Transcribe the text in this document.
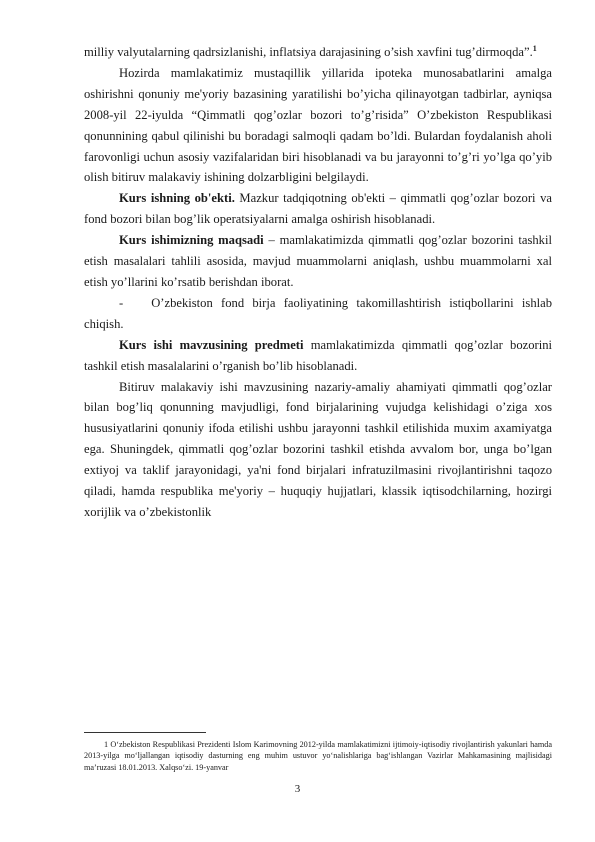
milliy valyutalarning qadrsizlanishi, inflatsiya darajasining o’sish xavfini tug’dirmoqda”.$^1$

Hozirda mamlakatimiz mustaqillik yillarida ipoteka munosabatlarini amalga oshirishni qonuniy me'yoriy bazasining yaratilishi bo’yicha qilinayotgan tadbirlar, ayniqsa 2008-yil 22-iyulda “Qimmatli qog’ozlar bozori to’g’risida” O’zbekiston Respublikasi qonunnining qabul qilinishi bu boradagi salmoqli qadam bo’ldi. Bulardan foydalanish aholi farovonligi uchun asosiy vazifalaridan biri hisoblanadi va bu jarayonni to’g’ri yo’lga qo’yib olish bitiruv malakaviy ishining dolzarbligini belgilaydi.

Kurs ishning ob'ekti. Mazkur tadqiqotning ob'ekti – qimmatli qog’ozlar bozori va fond bozori bilan bog’lik operatsiyalarni amalga oshirish hisoblanadi.

Kurs ishimizning maqsadi – mamlakatimizda qimmatli qog’ozlar bozorini tashkil etish masalalari tahlili asosida, mavjud muammolarni aniqlash, ushbu muammolarni xal etish yo’llarini ko’rsatib berishdan iborat.

- O’zbekiston fond birja faoliyatining takomillashtirish istiqbollarini ishlab chiqish.

Kurs ishi mavzusining predmeti mamlakatimizda qimmatli qog’ozlar bozorini tashkil etish masalalarini o’rganish bo’lib hisoblanadi.

Bitiruv malakaviy ishi mavzusining nazariy-amaliy ahamiyati qimmatli qog’ozlar bilan bog’liq qonunning mavjudligi, fond birjalarining vujudga kelishidagi o’ziga xos hususiyatlarini qonuniy ifoda etilishi ushbu jarayonni tashkil etilishida muxim axamiyatga ega. Shuningdek, qimmatli qog’ozlar bozorini tashkil etishda avvalom bor, unga bo’lgan extiyoj va taklif jarayonidagi, ya'ni fond birjalari infratuzilmasini rivojlantirishni taqozo qiladi, hamda respublika me'yoriy – huquqiy hujjatlari, klassik iqtisodchilarning, hozirgi xorijlik va o’zbekistonlik

1 O‘zbekiston Respublikasi Prezidenti Islom Karimovning 2012-yilda mamlakatimizni ijtimoiy-iqtisodiy rivojlantirish yakunlari hamda 2013-yilga mo‘ljallangan iqtisodiy dasturning eng muhim ustuvor yo‘nalishlariga bag‘ishlangan Vazirlar Mahkamasining majlisidagi ma’ruzasi 18.01.2013. Xalqso‘zi. 19-yanvar
3
